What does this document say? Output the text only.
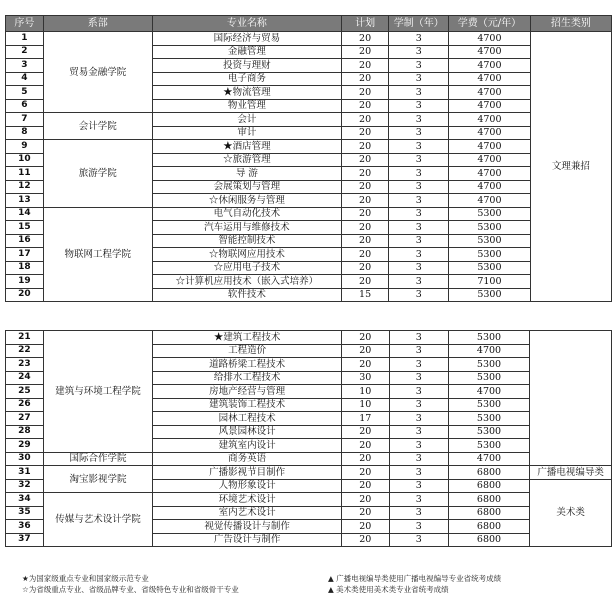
序号	系部	专业名称	计划	学制（年）	学费（元/年）	招生类别
1	贸易金融学院	国际经济与贸易	20	3	4700	文理兼招
2		金融管理	20	3	4700	
3		投资与理财	20	3	4700	
4		电子商务	20	3	4700	
5		★物流管理	20	3	4700	
6		物业管理	20	3	4700	
7	会计学院	会计	20	3	4700	
8		审计	20	3	4700	
9	旅游学院	★酒店管理	20	3	4700	
10		☆旅游管理	20	3	4700	
11		导 游	20	3	4700	
12		会展策划与管理	20	3	4700	
13		☆休闲服务与管理	20	3	4700	
14	物联网工程学院	电气自动化技术	20	3	5300	
15		汽车运用与维修技术	20	3	5300	
16		智能控制技术	20	3	5300	
17		☆物联网应用技术	20	3	5300	
18		☆应用电子技术	20	3	5300	
19		☆计算机应用技术（嵌入式培养）	20	3	7100	
20		软件技术	15	3	5300	
21	建筑与环境工程学院	★建筑工程技术	20	3	5300	
22		工程造价	20	3	4700	
23		道路桥梁工程技术	20	3	5300	
24		给排水工程技术	30	3	5300	
25		房地产经营与管理	10	3	4700	
26		建筑装饰工程技术	10	3	5300	
27		园林工程技术	17	3	5300	
28		风景园林设计	20	3	5300	
29		建筑室内设计	20	3	5300	
30	国际合作学院	商务英语	20	3	4700	
31	淘宝影视学院	广播影视节目制作	20	3	6800	广播电视编导类
32		人物形象设计	20	3	6800	美术类
34	传媒与艺术设计学院	环境艺术设计	20	3	6800	
35		室内艺术设计	20	3	6800	
36		视觉传播设计与制作	20	3	6800	
37		广告设计与制作	20	3	6800	
★为国家级重点专业和国家级示范专业
☆为省级重点专业、省级品牌专业、省级特色专业和省级骨干专业
▲ 广播电视编导类使用广播电视编导专业省统考成绩
▲ 美术类使用美术类专业省统考成绩
